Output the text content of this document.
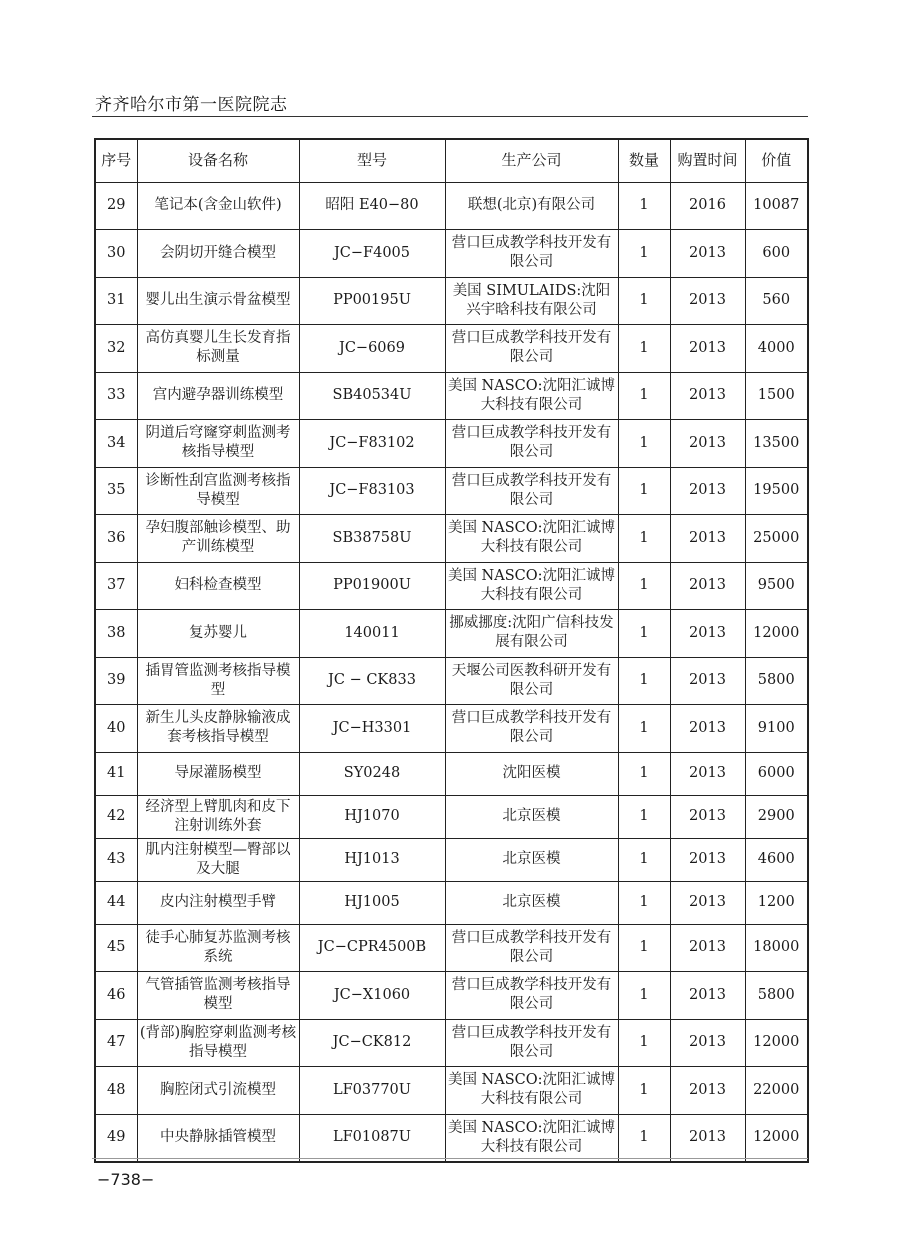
齐齐哈尔市第一医院院志
序号	设备名称	型号	生产公司	数量	购置时间	价值
29	笔记本(含金山软件)	昭阳 E40−80	联想(北京)有限公司	1	2016	10087
30	会阴切开缝合模型	JC−F4005	营口巨成教学科技开发有限公司	1	2013	600
31	婴儿出生演示骨盆模型	PP00195U	美国 SIMULAIDS:沈阳兴宇晗科技有限公司	1	2013	560
32	高仿真婴儿生长发育指标测量	JC−6069	营口巨成教学科技开发有限公司	1	2013	4000
33	宫内避孕器训练模型	SB40534U	美国 NASCO:沈阳汇诚博大科技有限公司	1	2013	1500
34	阴道后穹窿穿刺监测考核指导模型	JC−F83102	营口巨成教学科技开发有限公司	1	2013	13500
35	诊断性刮宫监测考核指导模型	JC−F83103	营口巨成教学科技开发有限公司	1	2013	19500
36	孕妇腹部触诊模型、助产训练模型	SB38758U	美国 NASCO:沈阳汇诚博大科技有限公司	1	2013	25000
37	妇科检查模型	PP01900U	美国 NASCO:沈阳汇诚博大科技有限公司	1	2013	9500
38	复苏婴儿	140011	挪威挪度:沈阳广信科技发展有限公司	1	2013	12000
39	插胃管监测考核指导模型	JC − CK833	天堰公司医教科研开发有限公司	1	2013	5800
40	新生儿头皮静脉输液成套考核指导模型	JC−H3301	营口巨成教学科技开发有限公司	1	2013	9100
41	导尿灌肠模型	SY0248	沈阳医模	1	2013	6000
42	经济型上臂肌肉和皮下注射训练外套	HJ1070	北京医模	1	2013	2900
43	肌内注射模型—臀部以及大腿	HJ1013	北京医模	1	2013	4600
44	皮内注射模型手臂	HJ1005	北京医模	1	2013	1200
45	徒手心肺复苏监测考核系统	JC−CPR4500B	营口巨成教学科技开发有限公司	1	2013	18000
46	气管插管监测考核指导模型	JC−X1060	营口巨成教学科技开发有限公司	1	2013	5800
47	(背部)胸腔穿刺监测考核指导模型	JC−CK812	营口巨成教学科技开发有限公司	1	2013	12000
48	胸腔闭式引流模型	LF03770U	美国 NASCO:沈阳汇诚博大科技有限公司	1	2013	22000
49	中央静脉插管模型	LF01087U	美国 NASCO:沈阳汇诚博大科技有限公司	1	2013	12000
−738−
